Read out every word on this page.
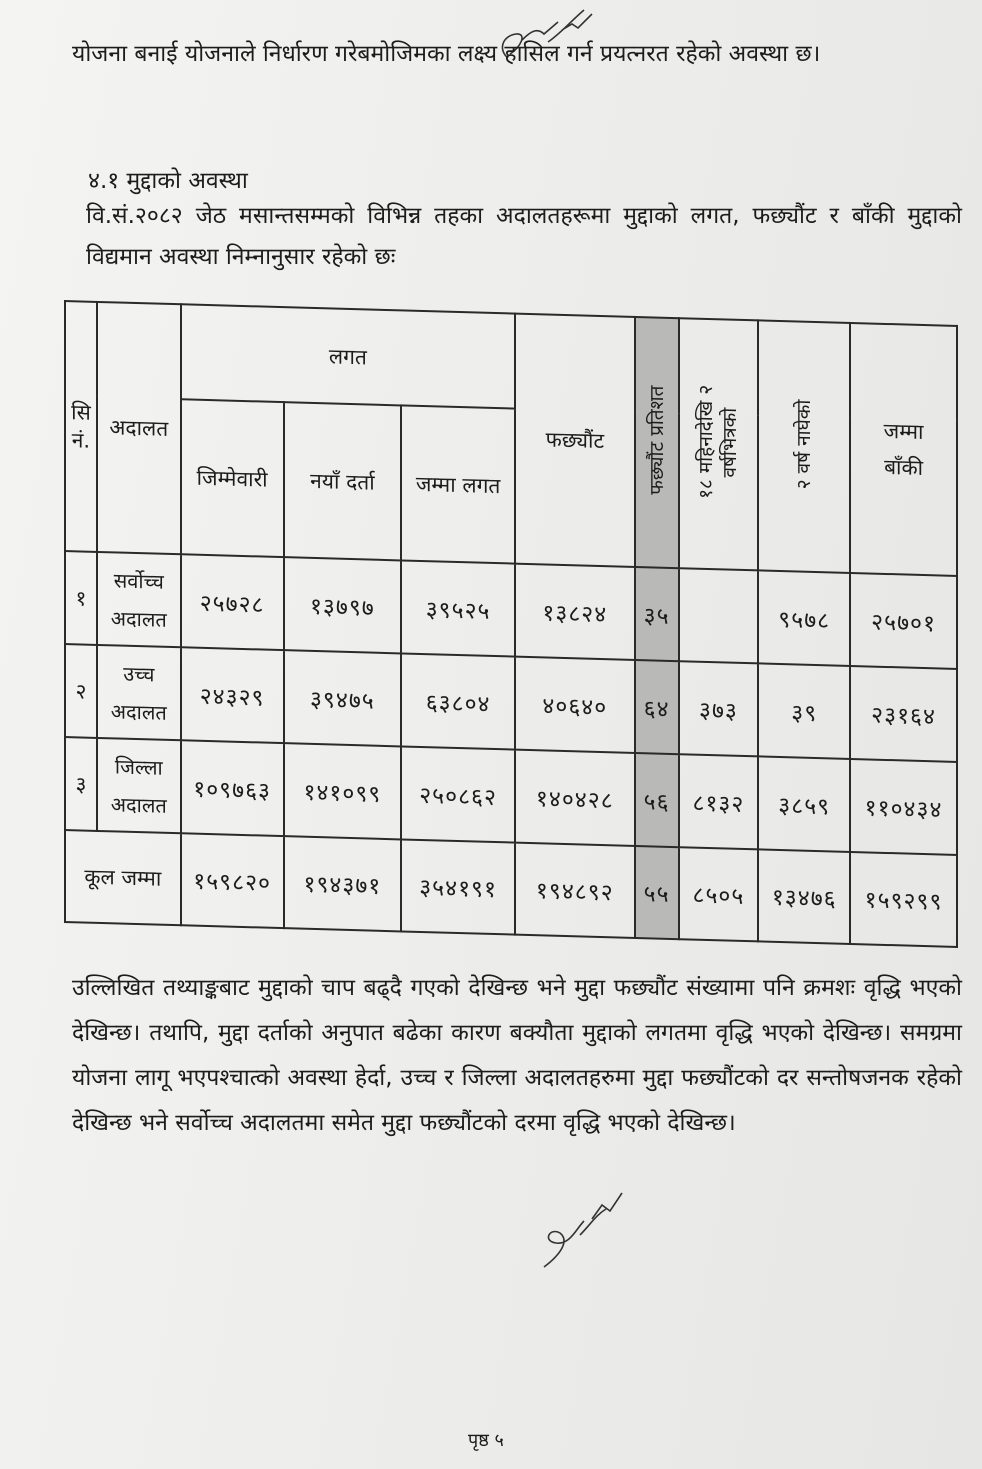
योजना बनाई योजनाले निर्धारण गरेबमोजिमका लक्ष्य हासिल गर्न प्रयत्नरत रहेको अवस्था छ।

४.१ मुद्दाको अवस्था

वि.सं.२०८२ जेठ मसान्तसम्मको विभिन्न तहका अदालतहरूमा मुद्दाको लगत, फछ्यौंट र बाँकी मुद्दाको विद्यमान अवस्था निम्नानुसार रहेको छः

सि नं.	अदालत	लगत			फछ्यौंट	फछ्यौंट प्रतिशत	१८ महिनादेखि २ वर्षभित्रको	२ वर्ष नाघेको	जम्मा बाँकी
		जिम्मेवारी	नयाँ दर्ता	जम्मा लगत					
१	सर्वोच्च अदालत	२५७२८	१३७९७	३९५२५	१३८२४	३५		९५७८	२५७०१
२	उच्च अदालत	२४३२९	३९४७५	६३८०४	४०६४०	६४	३७३	३९	२३१६४
३	जिल्ला अदालत	१०९७६३	१४१०९९	२५०८६२	१४०४२८	५६	८१३२	३८५९	११०४३४
कूल जम्मा		१५९८२०	१९४३७१	३५४१९१	१९४८९२	५५	८५०५	१३४७६	१५९२९९

उल्लिखित तथ्याङ्कबाट मुद्दाको चाप बढ्दै गएको देखिन्छ भने मुद्दा फछ्यौंट संख्यामा पनि क्रमशः वृद्धि भएको देखिन्छ। तथापि, मुद्दा दर्ताको अनुपात बढेका कारण बक्यौता मुद्दाको लगतमा वृद्धि भएको देखिन्छ। समग्रमा योजना लागू भएपश्चात्को अवस्था हेर्दा, उच्च र जिल्ला अदालतहरुमा मुद्दा फछ्यौंटको दर सन्तोषजनक रहेको देखिन्छ भने सर्वोच्च अदालतमा समेत मुद्दा फछ्यौंटको दरमा वृद्धि भएको देखिन्छ।

पृष्ठ ५
